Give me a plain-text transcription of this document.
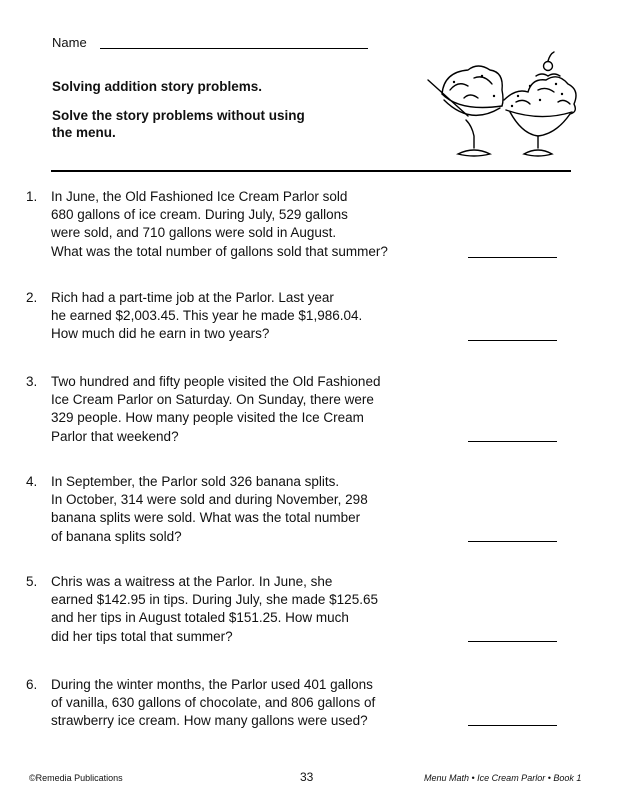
Name
Solving addition story problems.
Solve the story problems without using the menu.
1.	In June, the Old Fashioned Ice Cream Parlor sold
680 gallons of ice cream. During July, 529 gallons
were sold, and 710 gallons were sold in August.
What was the total number of gallons sold that summer?
2.	Rich had a part-time job at the Parlor. Last year
he earned $2,003.45. This year he made $1,986.04.
How much did he earn in two years?
3.	Two hundred and fifty people visited the Old Fashioned
Ice Cream Parlor on Saturday. On Sunday, there were
329 people. How many people visited the Ice Cream
Parlor that weekend?
4.	In September, the Parlor sold 326 banana splits.
In October, 314 were sold and during November, 298
banana splits were sold. What was the total number
of banana splits sold?
5.	Chris was a waitress at the Parlor. In June, she
earned $142.95 in tips. During July, she made $125.65
and her tips in August totaled $151.25. How much
did her tips total that summer?
6.	During the winter months, the Parlor used 401 gallons
of vanilla, 630 gallons of chocolate, and 806 gallons of
strawberry ice cream. How many gallons were used?
©Remedia Publications	33	Menu Math • Ice Cream Parlor • Book 1
